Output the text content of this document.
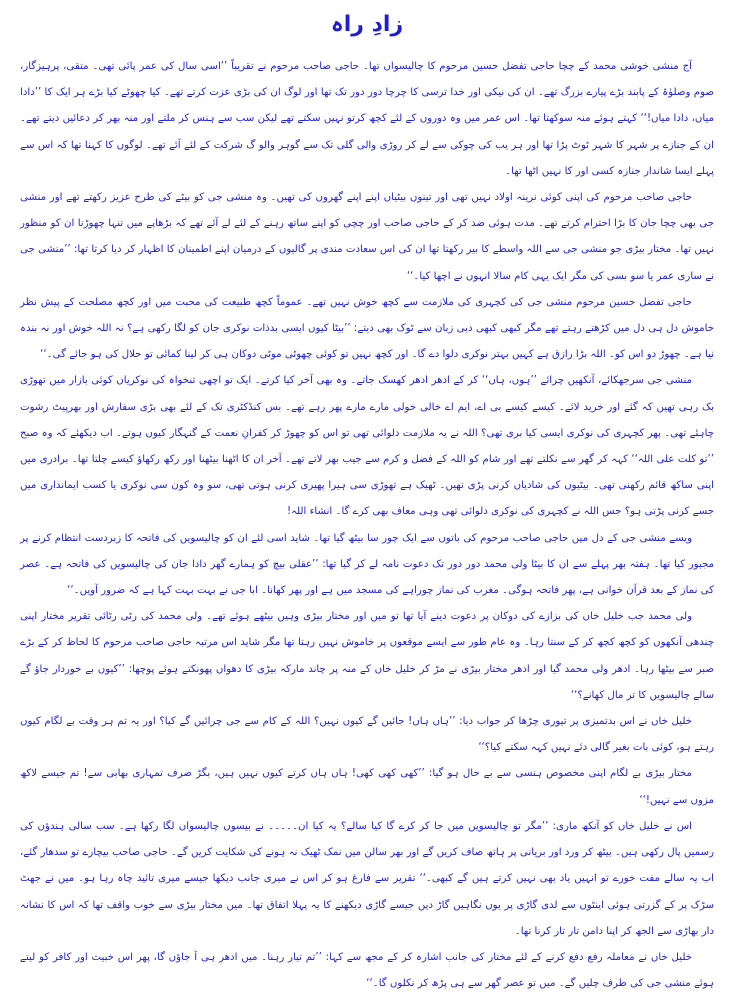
زادِ راہ

آج منشی خوشی محمد کے چچا حاجی تفضل حسین مرحوم کا چالیسواں تھا۔ حاجی صاحب مرحوم نے تقریباً ’’اسی سال کی عمر پائی تھی۔ متقی، پرہیزگار، صوم وصلوٰۃ کے پابند بڑے پیارے بزرگ تھے۔ ان کی نیکی اور خدا ترسی کا چرچا دور دور تک تھا اور لوگ ان کی بڑی عزت کرتے تھے۔ کیا چھوٹے کیا بڑے ہر ایک کا ’’دادا میاں، دادا میاں!‘‘ کہتے ہوئے منہ سوکھتا تھا۔ اس عمر میں وہ دوروں کے لئے کچھ کرتو نہیں سکتے تھے لیکن سب سے ہنس کر ملتے اور منہ بھر کر دعائیں دیتے تھے۔ ان کے جنازے پر شہر کا شہر ٹوٹ پڑا تھا اور ہر یب کی چوکی سے لے کر روڑی والی گلی تک سے گوہر والو گ شرکت کے لئے آئے تھے۔ لوگوں کا کہنا تھا کہ اس سے پہلے ایسا شاندار جنازہ کسی اور کا نہیں اٹھا تھا۔

حاجی صاحب مرحوم کی اپنی کوئی نرینہ اولاد نہیں تھی اور تینوں بیٹیاں اپنے اپنے گھروں کی تھیں۔ وہ منشی جی کو بیٹے کی طرح عزیز رکھتے تھے اور منشی جی بھی چچا جان کا بڑا احترام کرتے تھے۔ مدت ہوئی ضد کر کے حاجی صاحب اور چچی کو اپنے ساتھ رہنے کے لئے لے آئے تھے کہ بڑھاپے میں تنہا چھوڑنا ان کو منظور نہیں تھا۔ مختار بیڑی جو منشی جی سے اللہ واسطے کا بیر رکھتا تھا ان کی اس سعادت مندی پر گالیوں کے درمیان اپنے اطمینان کا اظہار کر دیا کرتا تھا: ’’منشی جی نے ساری عمر یا سو بسی کی مگر ایک یہی کام سالا انہوں نے اچھا کیا۔‘‘

حاجی تفضل حسین مرحوم منشی جی کی کچہری کی ملازمت سے کچھ خوش نہیں تھے۔ عموماً کچھ طبیعت کی محبت میں اور کچھ مصلحت کے پیش نظر خاموش دل ہی دل میں کڑھتے رہتے تھے مگر کبھی کبھی دبی زبان سے ٹوک بھی دیتے: ’’بیٹا کیوں ایسی بدذات نوکری جان کو لگا رکھی ہے؟ نہ اللہ خوش اور نہ بندہ نیا ہے۔ چھوڑ دو اس کو۔ اللہ بڑا رازق ہے کہیں بہتر نوکری دلوا دے گا۔ اور کچھ نہیں تو کوئی چھوٹی موٹی دوکان ہی کر لینا کمائی تو حلال کی ہو جائے گی۔‘‘

منشی جی سرجھکائے، آنکھیں چرائے ’’ہوں، ہاں‘‘ کر کے ادھر ادھر کھسک جاتے۔ وہ بھی آخر کیا کرتے۔ ایک تو اچھی تنخواہ کی نوکریاں کوئی بازار میں تھوڑی بک رہی تھیں کہ گئے اور خرید لائے۔ کیسے کیسے بی اے، ایم اے خالی خولی مارے مارے پھر رہے تھے۔ بس کنڈکٹری تک کے لئے بھی بڑی سفارش اور بھرپیٹ رشوت چاہئے تھی۔ پھر کچہری کی نوکری ایسی کیا بری تھی؟ اللہ نے یہ ملازمت دلوائی تھی تو اس کو چھوڑ کر کفرانِ نعمت کے گنہگار کیوں ہوتے۔ اب دیکھئے کہ وہ صبح ’’تو کلت علی اللہ‘‘ کہہ کر گھر سے نکلتے تھے اور شام کو اللہ کے فضل و کرم سے جیب بھر لاتے تھے۔ آخر ان کا اٹھنا بیٹھنا اور رکھ رکھاؤ کیسے چلتا تھا۔ برادری میں اپنی ساکھ قائم رکھنی تھی۔ بیٹیوں کی شادیاں کرنی پڑی تھیں۔ ٹھیک ہے تھوڑی سی ہیرا پھیری کرنی ہوتی تھی، سو وہ کون سی نوکری یا کسب ایمانداری میں جسے کرنی پڑتی ہو؟ جس اللہ نے کچہری کی نوکری دلوائی تھی وہی معاف بھی کرے گا۔ انشاء اللہ!

ویسے منشی جی کے دل میں حاجی صاحب مرحوم کی باتوں سے ایک چور سا بیٹھ گیا تھا۔ شاید اسی لئے ان کو چالیسویں کی فاتحہ کا زبردست انتظام کرنے پر مجبور کیا تھا۔ ہفتہ بھر پہلے سے ان کا بیٹا ولی محمد دور دور تک دعوت نامہ لے کر گیا تھا: ’’عقلی بیچ کو ہمارے گھر دادا جان کی چالیسویں کی فاتحہ ہے۔ عصر کی نماز کے بعد قرآن خوانی ہے، پھر فاتحہ ہوگی۔ مغرب کی نماز چوراہے کی مسجد میں ہے اور پھر کھانا۔ ابا جی نے بہت بہت کہا ہے کہ ضرور آویں۔‘‘

ولی محمد جب خلیل خاں کی بزازے کی دوکان پر دعوت دینے آیا تھا تو میں اور مختار بیڑی وہیں بیٹھے ہوئے تھے۔ ولی محمد کی رٹی رٹائی تقریر مختار اپنی چندھی آنکھوں کو کچھ کچھ کر کے سنتا رہا۔ وہ عام طور سے ایسے موقعوں پر خاموش نہیں رہتا تھا مگر شاید اس مرتبہ حاجی صاحب مرحوم کا لحاظ کر کے بڑے صبر سے بیٹھا رہا۔ ادھر ولی محمد گیا اور ادھر مختار بیڑی نے مڑ کر خلیل خاں کے منہ پر چاند مارکہ بیڑی کا دھواں پھونکتے ہوئے پوچھا: ’’کیوں بے خوردار جاؤ گے سالے چالیسویں کا تر مال کھانے؟‘‘

خلیل خاں نے اس بدتمیزی پر تیوری چڑھا کر جواب دیا: ’’ہاں ہاں! جائیں گے کیوں نہیں؟ اللہ کے کام سے جی چرائیں گے کیا؟ اور یہ تم ہر وقت بے لگام کیوں رہتے ہو، کوئی بات بغیر گالی دئے نہیں کہہ سکتے کیا؟‘‘

مختار بیڑی بے لگام اپنی مخصوص ہنسی سے بے حال ہو گیا: ’’کھی کھی کھی! ہاں ہاں کرتے کیوں نہیں ہیں، بگڑ صرف تمہاری بھابی سے! تم جیسے لاکھ مزوں سے نہیں!‘‘

اس نے خلیل خاں کو آنکھ ماری: ’’مگر تو چالیسویں میں جا کر کرے گا کیا سالے؟ یہ کیا ان۔۔۔۔۔ نے بیسوں چالیسواں لگا رکھا ہے۔ سب سالی ہندؤں کی رسمیں پال رکھی ہیں۔ بیٹھ کر ورد اور بریانی پر ہاتھ صاف کریں گے اور بھر سالن میں نمک ٹھیک نہ ہونے کی شکایت کریں گے۔ حاجی صاحب بیچارے تو سدھار گئے، اب یہ سالے مفت خورے تو انہیں یاد بھی نہیں کرتے ہیں گے کبھی۔‘‘ تقریر سے فارغ ہو کر اس نے میری جانب دیکھا جیسے میری تائید چاہ رہا ہو۔ میں نے جھٹ سڑک پر کے گزرتی ہوئی اینٹوں سے لدی گاڑی پر یوں نگاہیں گاڑ دیں جیسے گاڑی دیکھنے کا یہ پہلا اتفاق تھا۔ میں مختار بیڑی سے خوب واقف تھا کہ اس کا نشانہ دار بھاڑی سے الجھ کر اپنا دامن تار تار کرنا تھا۔

خلیل خاں نے معاملہ رفع دفع کرنے کے لئے مختار کی جانب اشارہ کر کے مجھ سے کہا: ’’تم تیار رہنا۔ میں ادھر ہی آ جاؤں گا، پھر اس خبیث اور کافر کو لیتے ہوئے منشی جی کی طرف چلیں گے۔ میں تو عصر گھر سے ہی پڑھ کر نکلوں گا۔‘‘
